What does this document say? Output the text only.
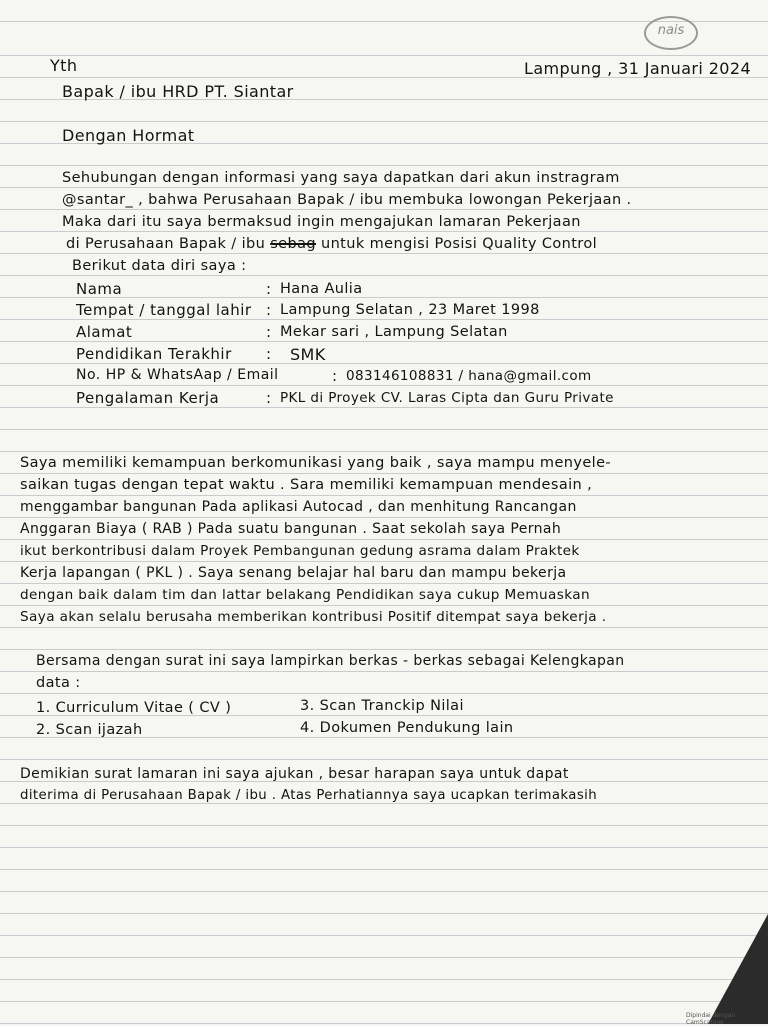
nais
Yth	Lampung , 31 Januari 2024
Bapak / ibu HRD PT. Siantar
Dengan Hormat
Sehubungan dengan informasi yang saya dapatkan dari akun instragram
@santar_ , bahwa Perusahaan Bapak / ibu membuka lowongan Pekerjaan .
Maka dari itu saya bermaksud ingin mengajukan lamaran Pekerjaan
di Perusahaan Bapak / ibu sebag untuk mengisi Posisi Quality Control
Berikut data diri saya :
Nama	: Hana Aulia
Tempat / tanggal lahir : Lampung Selatan , 23 Maret 1998
Alamat	: Mekar sari , Lampung Selatan
Pendidikan Terakhir : SMK
No. HP & WhatsAap / Email	: 083146108831 / hana@gmail.com
Pengalaman Kerja	: PKL di Proyek CV. Laras Cipta dan Guru Private
Saya memiliki kemampuan berkomunikasi yang baik , saya mampu menyele-
saikan tugas dengan tepat waktu . Sara memiliki kemampuan mendesain ,
menggambar bangunan Pada aplikasi Autocad , dan menhitung Rancangan
Anggaran Biaya ( RAB ) Pada suatu bangunan . Saat sekolah saya Pernah
ikut berkontribusi dalam Proyek Pembangunan gedung asrama dalam Praktek
Kerja lapangan ( PKL ) . Saya senang belajar hal baru dan mampu bekerja
dengan baik dalam tim dan lattar belakang Pendidikan saya cukup Memuaskan
Saya akan selalu berusaha memberikan kontribusi Positif ditempat saya bekerja .
Bersama dengan surat ini saya lampirkan berkas - berkas sebagai Kelengkapan
data :
1. Curriculum Vitae ( CV )	3. Scan Tranckip Nilai
2. Scan ijazah	4. Dokumen Pendukung lain
Demikian surat lamaran ini saya ajukan , besar harapan saya untuk dapat
diterima di Perusahaan Bapak / ibu . Atas Perhatiannya saya ucapkan terimakasih
Dipindai dengan CamScanner
